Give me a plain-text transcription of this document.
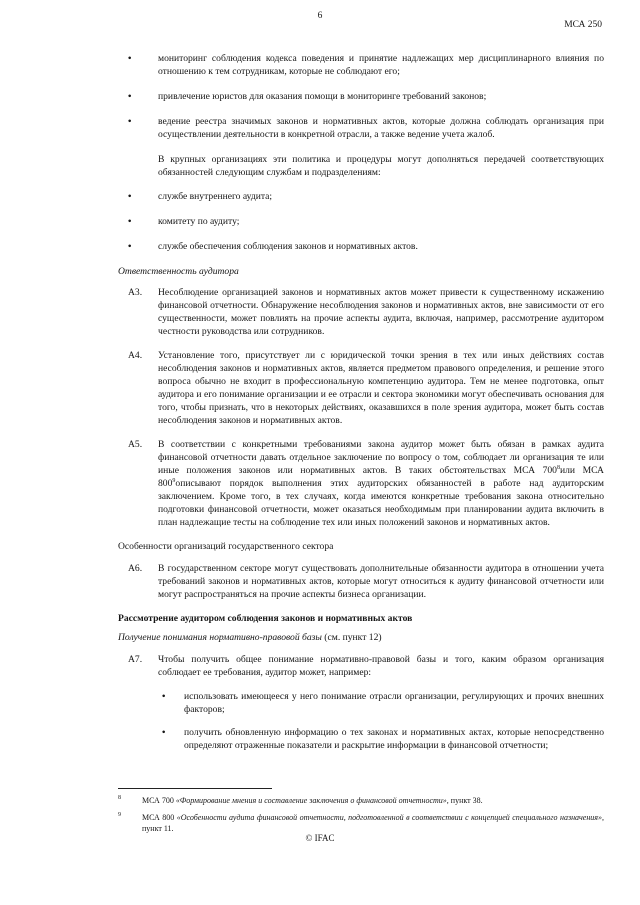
6
МСА 250
•	мониторинг соблюдения кодекса поведения и принятие надлежащих мер дисциплинарного влияния по отношению к тем сотрудникам, которые не соблюдают его;
•	привлечение юристов для оказания помощи в мониторинге требований законов;
•	ведение реестра значимых законов и нормативных актов, которые должна соблюдать организация при осуществлении деятельности в конкретной отрасли, а также ведение учета жалоб.
В крупных организациях эти политика и процедуры могут дополняться передачей соответствующих обязанностей следующим службам и подразделениям:
•	службе внутреннего аудита;
•	комитету по аудиту;
•	службе обеспечения соблюдения законов и нормативных актов.
Ответственность аудитора
A3. Несоблюдение организацией законов и нормативных актов может привести к существенному искажению финансовой отчетности. Обнаружение несоблюдения законов и нормативных актов, вне зависимости от его существенности, может повлиять на прочие аспекты аудита, включая, например, рассмотрение аудитором честности руководства или сотрудников.
A4. Установление того, присутствует ли с юридической точки зрения в тех или иных действиях состав несоблюдения законов и нормативных актов, является предметом правового определения, и решение этого вопроса обычно не входит в профессиональную компетенцию аудитора. Тем не менее подготовка, опыт аудитора и его понимание организации и ее отрасли и сектора экономики могут обеспечивать основания для того, чтобы признать, что в некоторых действиях, оказавшихся в поле зрения аудитора, может быть состав несоблюдения законов и нормативных актов.
A5. В соответствии с конкретными требованиями закона аудитор может быть обязан в рамках аудита финансовой отчетности давать отдельное заключение по вопросу о том, соблюдает ли организация те или иные положения законов или нормативных актов. В таких обстоятельствах МСА $700^8или$ МСА $800^9описывают$ порядок выполнения этих аудиторских обязанностей в работе над аудиторским заключением. Кроме того, в тех случаях, когда имеются конкретные требования закона относительно подготовки финансовой отчетности, может оказаться необходимым при планировании аудита включить в план надлежащие тесты на соблюдение тех или иных положений законов и нормативных актов.
Особенности организаций государственного сектора
A6. В государственном секторе могут существовать дополнительные обязанности аудитора в отношении учета требований законов и нормативных актов, которые могут относиться к аудиту финансовой отчетности или могут распространяться на прочие аспекты бизнеса организации.
Рассмотрение аудитором соблюдения законов и нормативных актов
Получение понимания нормативно-правовой базы (см. пункт 12)
A7. Чтобы получить общее понимание нормативно-правовой базы и того, каким образом организация соблюдает ее требования, аудитор может, например:
• использовать имеющееся у него понимание отрасли организации, регулирующих и прочих внешних факторов;
• получить обновленную информацию о тех законах и нормативных актах, которые непосредственно определяют отраженные показатели и раскрытие информации в финансовой отчетности;
8	МСА 700 «Формирование мнения и составление заключения о финансовой отчетности», пункт 38.
9	МСА 800 «Особенности аудита финансовой отчетности, подготовленной в соответствии с концепцией специального назначения», пункт 11.
© IFAC
